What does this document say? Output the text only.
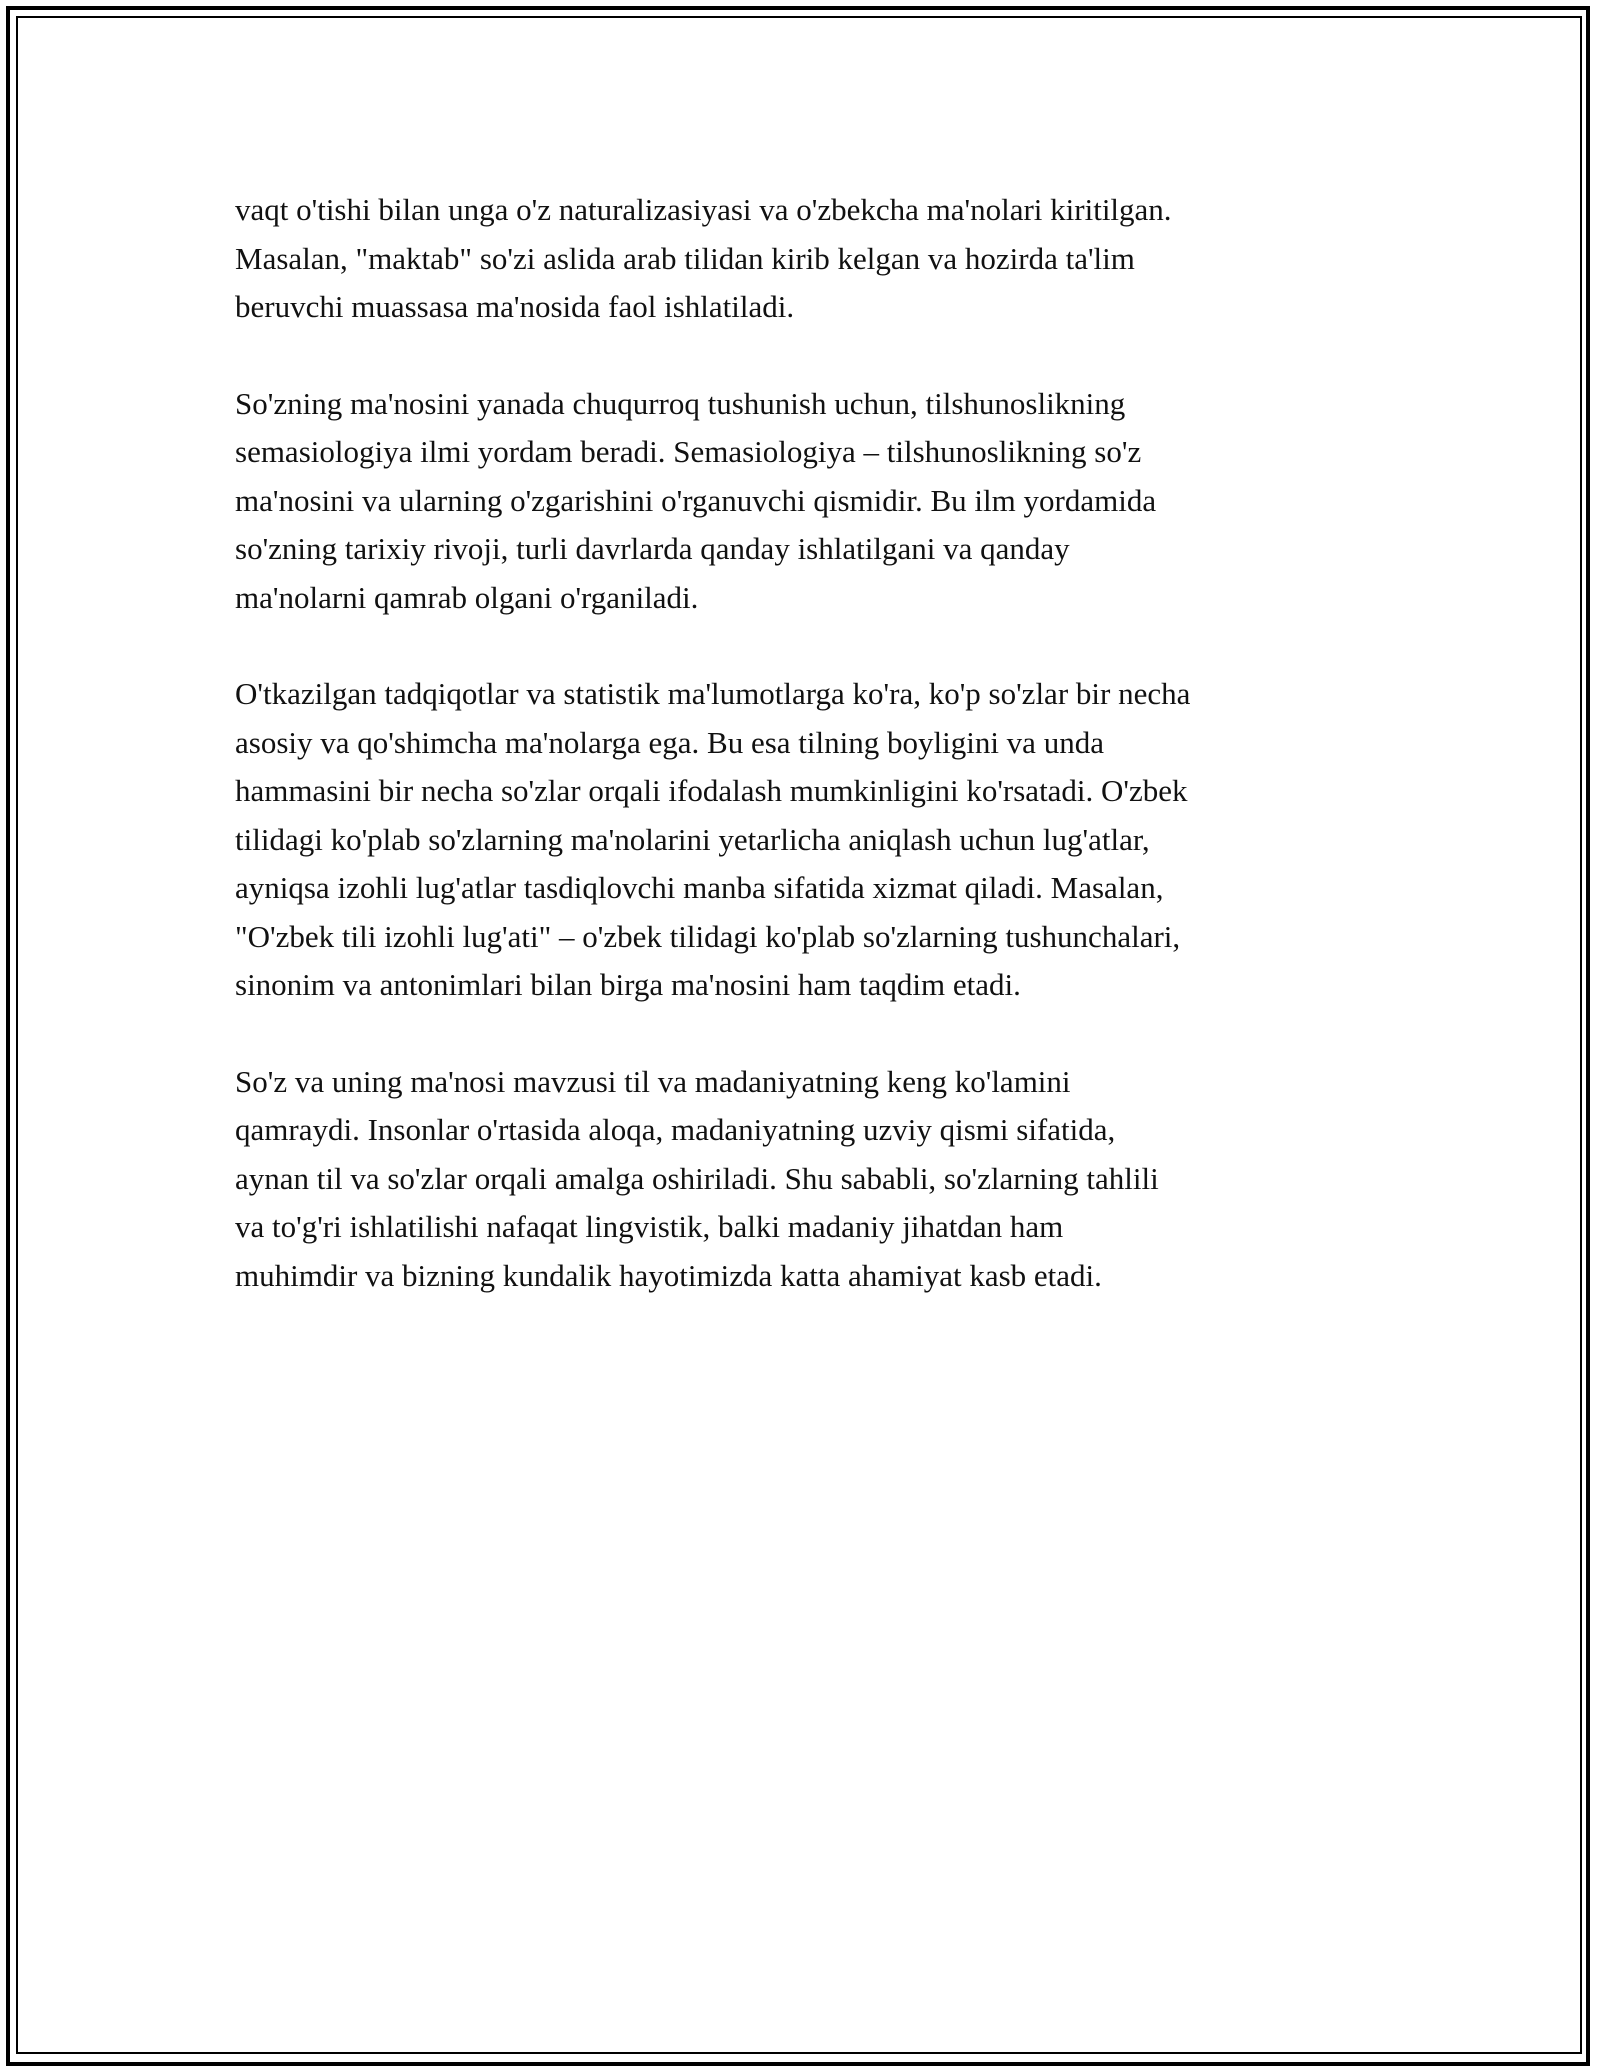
vaqt o'tishi bilan unga o'z naturalizasiyasi va o'zbekcha ma'nolari kiritilgan.
Masalan, "maktab" so'zi aslida arab tilidan kirib kelgan va hozirda ta'lim
beruvchi muassasa ma'nosida faol ishlatiladi.

So'zning ma'nosini yanada chuqurroq tushunish uchun, tilshunoslikning
semasiologiya ilmi yordam beradi. Semasiologiya – tilshunoslikning so'z
ma'nosini va ularning o'zgarishini o'rganuvchi qismidir. Bu ilm yordamida
so'zning tarixiy rivoji, turli davrlarda qanday ishlatilgani va qanday
ma'nolarni qamrab olgani o'rganiladi.

O'tkazilgan tadqiqotlar va statistik ma'lumotlarga ko'ra, ko'p so'zlar bir necha
asosiy va qo'shimcha ma'nolarga ega. Bu esa tilning boyligini va unda
hammasini bir necha so'zlar orqali ifodalash mumkinligini ko'rsatadi. O'zbek
tilidagi ko'plab so'zlarning ma'nolarini yetarlicha aniqlash uchun lug'atlar,
ayniqsa izohli lug'atlar tasdiqlovchi manba sifatida xizmat qiladi. Masalan,
"O'zbek tili izohli lug'ati" – o'zbek tilidagi ko'plab so'zlarning tushunchalari,
sinonim va antonimlari bilan birga ma'nosini ham taqdim etadi.

So'z va uning ma'nosi mavzusi til va madaniyatning keng ko'lamini
qamraydi. Insonlar o'rtasida aloqa, madaniyatning uzviy qismi sifatida,
aynan til va so'zlar orqali amalga oshiriladi. Shu sababli, so'zlarning tahlili
va to'g'ri ishlatilishi nafaqat lingvistik, balki madaniy jihatdan ham
muhimdir va bizning kundalik hayotimizda katta ahamiyat kasb etadi.
